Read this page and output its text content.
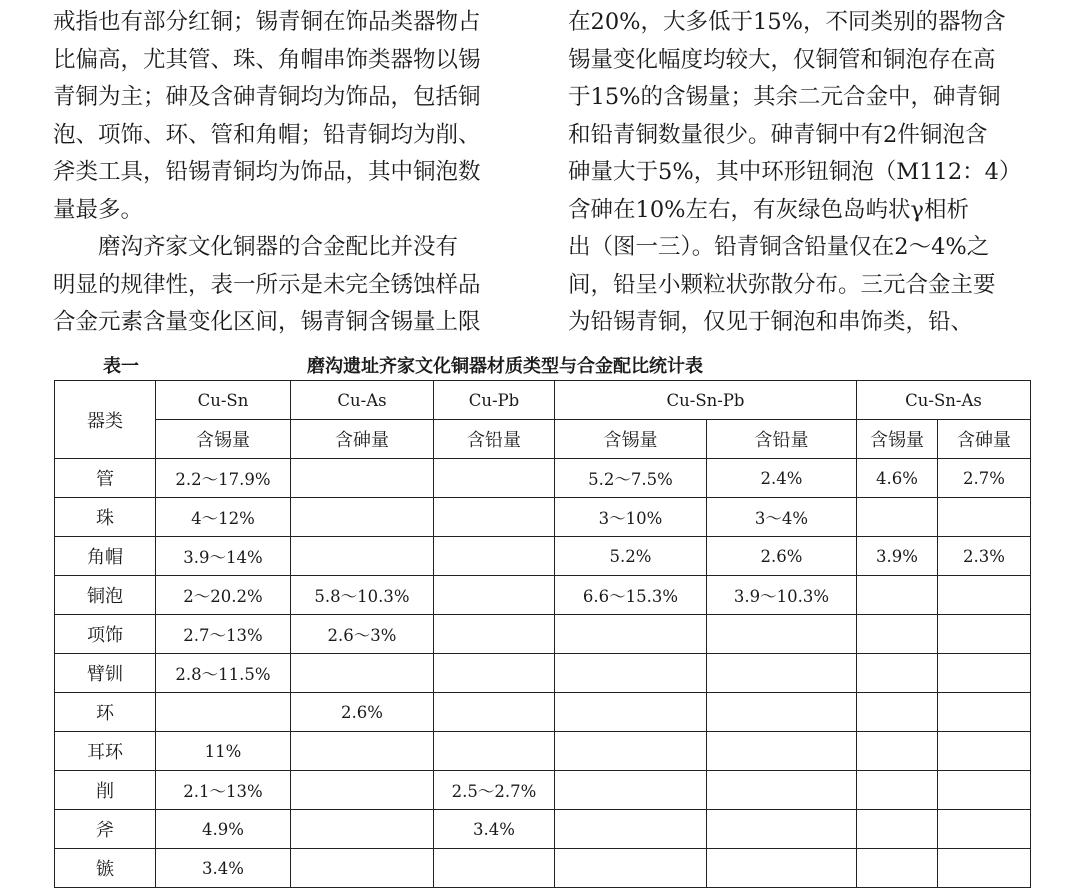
戒指也有部分红铜；锡青铜在饰品类器物占

比偏高，尤其管、珠、角帽串饰类器物以锡

青铜为主；砷及含砷青铜均为饰品，包括铜

泡、项饰、环、管和角帽；铅青铜均为削、

斧类工具，铅锡青铜均为饰品，其中铜泡数

量最多。

　　磨沟齐家文化铜器的合金配比并没有

明显的规律性，表一所示是未完全锈蚀样品

合金元素含量变化区间，锡青铜含锡量上限

在20%，大多低于15%，不同类别的器物含

锡量变化幅度均较大，仅铜管和铜泡存在高

于15%的含锡量；其余二元合金中，砷青铜

和铅青铜数量很少。砷青铜中有2件铜泡含

砷量大于5%，其中环形钮铜泡（M112：4）

含砷在10%左右，有灰绿色岛屿状γ相析

出（图一三）。铅青铜含铅量仅在2～4%之

间，铅呈小颗粒状弥散分布。三元合金主要

为铅锡青铜，仅见于铜泡和串饰类，铅、

表一	磨沟遗址齐家文化铜器材质类型与合金配比统计表
器类	Cu-Sn	Cu-As	Cu-Pb	Cu-Sn-Pb		Cu-Sn-As	
	含锡量	含砷量	含铅量	含锡量	含铅量	含锡量	含砷量
管	2.2～17.9%			5.2～7.5%	2.4%	4.6%	2.7%
珠	4～12%			3～10%	3～4%		
角帽	3.9～14%			5.2%	2.6%	3.9%	2.3%
铜泡	2～20.2%	5.8～10.3%		6.6～15.3%	3.9～10.3%		
项饰	2.7～13%	2.6～3%					
臂钏	2.8～11.5%						
环		2.6%					
耳环	11%						
削	2.1～13%		2.5～2.7%				
斧	4.9%		3.4%				
镞	3.4%						
